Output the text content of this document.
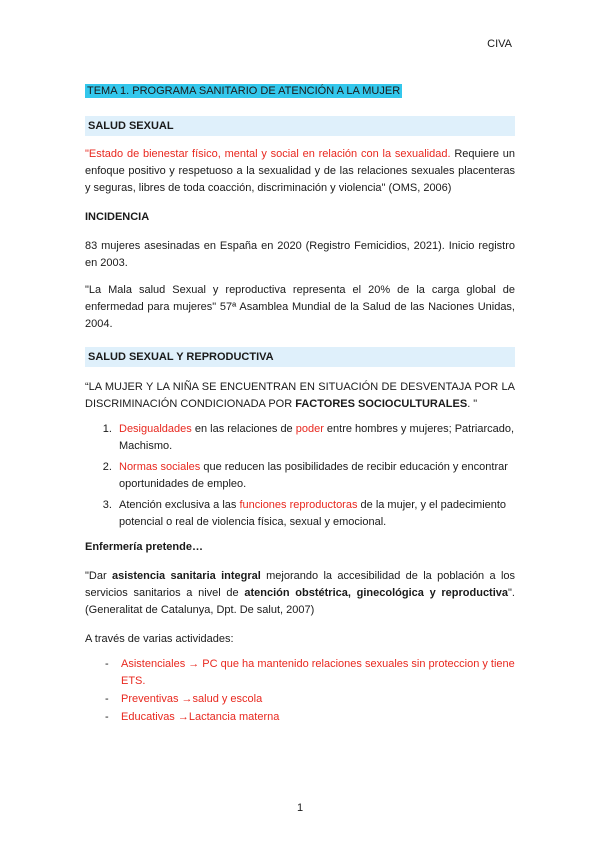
CIVA
TEMA 1. PROGRAMA SANITARIO DE ATENCIÓN A LA MUJER
SALUD SEXUAL

"Estado de bienestar físico, mental y social en relación con la sexualidad. Requiere un enfoque positivo y respetuoso a la sexualidad y de las relaciones sexuales placenteras y seguras, libres de toda coacción, discriminación y violencia" (OMS, 2006)

INCIDENCIA

83 mujeres asesinadas en España en 2020 (Registro Femicidios, 2021). Inicio registro en 2003.

"La Mala salud Sexual y reproductiva representa el 20% de la carga global de enfermedad para mujeres" 57ª Asamblea Mundial de la Salud de las Naciones Unidas, 2004.

SALUD SEXUAL Y REPRODUCTIVA

“LA MUJER Y LA NIÑA SE ENCUENTRAN EN SITUACIÓN DE DESVENTAJA POR LA DISCRIMINACIÓN CONDICIONADA POR FACTORES SOCIOCULTURALES. "

1. Desigualdades en las relaciones de poder entre hombres y mujeres; Patriarcado, Machismo.
2. Normas sociales que reducen las posibilidades de recibir educación y encontrar oportunidades de empleo.
3. Atención exclusiva a las funciones reproductoras de la mujer, y el padecimiento potencial o real de violencia física, sexual y emocional.

Enfermería pretende…

"Dar asistencia sanitaria integral mejorando la accesibilidad de la población a los servicios sanitarios a nivel de atención obstétrica, ginecológica y reproductiva". (Generalitat de Catalunya, Dpt. De salut, 2007)

A través de varias actividades:

- Asistenciales → PC que ha mantenido relaciones sexuales sin proteccion y tiene ETS.
- Preventivas →salud y escola
- Educativas →Lactancia materna
1
